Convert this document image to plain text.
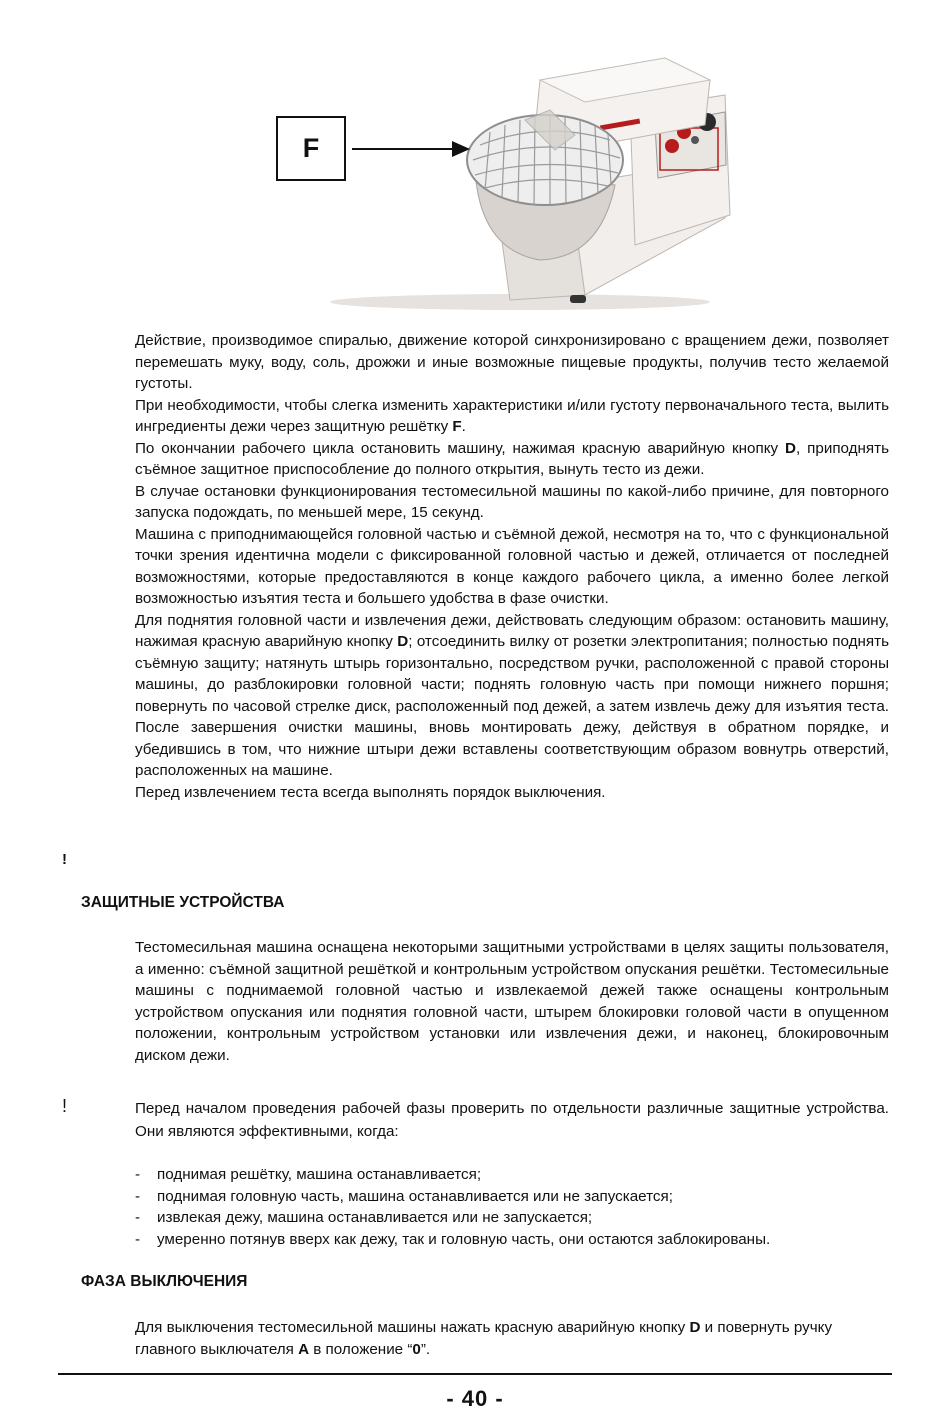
F

Действие, производимое спиралью, движение которой синхронизировано с вращением дежи, позволяет перемешать муку, воду, соль, дрожжи и иные возможные пищевые продукты, получив тесто желаемой густоты.

При необходимости, чтобы слегка изменить характеристики и/или густоту первоначального теста, вылить ингредиенты дежи через защитную решётку F.

По окончании рабочего цикла остановить машину, нажимая красную аварийную кнопку D, приподнять съёмное защитное приспособление до полного открытия, вынуть тесто из дежи.

В случае остановки функционирования тестомесильной машины по какой-либо причине, для повторного запуска подождать, по меньшей мере, 15 секунд.

Машина с приподнимающейся головной частью и съёмной дежой, несмотря на то, что с функциональной точки зрения идентична модели с фиксированной головной частью и дежей, отличается от последней возможностями, которые предоставляются в конце каждого рабочего цикла, а именно более легкой возможностью изъятия теста и большего удобства в фазе очистки.

Для поднятия головной части и извлечения дежи, действовать следующим образом: остановить машину, нажимая красную аварийную кнопку D; отсоединить вилку от розетки электропитания; полностью поднять съёмную защиту; натянуть штырь горизонтально, посредством ручки, расположенной с правой стороны машины, до разблокировки головной части; поднять головную часть при помощи нижнего поршня; повернуть по часовой стрелке диск, расположенный под дежей, а затем извлечь дежу для изъятия теста. После завершения очистки машины, вновь монтировать дежу, действуя в обратном порядке, и убедившись в том, что нижние штыри дежи вставлены соответствующим образом вовнутрь отверстий, расположенных на машине.

Перед извлечением теста всегда выполнять порядок выключения.

!
ЗАЩИТНЫЕ УСТРОЙСТВА

Тестомесильная машина оснащена некоторыми защитными устройствами в целях защиты пользователя, а именно: съёмной защитной решёткой и контрольным устройством опускания решётки. Тестомесильные машины с поднимаемой головной частью и извлекаемой дежей также оснащены контрольным устройством опускания или поднятия головной части, штырем блокировки головой части в опущенном положении, контрольным устройством установки или извлечения дежи, и наконец, блокировочным диском дежи.

!	Перед началом проведения рабочей фазы проверить по отдельности различные защитные устройства. Они являются эффективными, когда:

- поднимая решётку, машина останавливается;
- поднимая головную часть, машина останавливается или не запускается;
- извлекая дежу, машина останавливается или не запускается;
- умеренно потянув вверх как дежу, так и головную часть, они остаются заблокированы.
ФАЗА ВЫКЛЮЧЕНИЯ

Для выключения тестомесильной машины нажать красную аварийную кнопку D и повернуть ручку главного выключателя A в положение “0”.

- 40 -
